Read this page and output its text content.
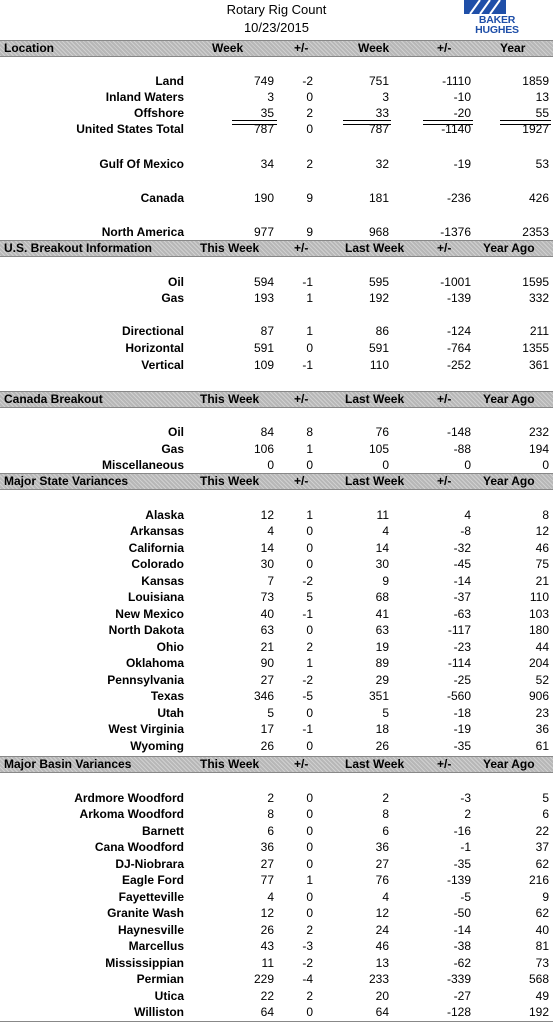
Rotary Rig Count
10/23/2015	BAKER
HUGHES
Location	Week	+/-	Week	+/-	Year
Land	749 -2	751	-1110	1859
Inland Waters	3	0	3	-10	13
Offshore	35	2	33	-20	55
United States Total	787	0	787	-1140	1927
Gulf Of Mexico	34	2	32	-19	53
Canada	190	9	181	-236	426
North America	977	9	968	-1376	2353
U.S. Breakout Information	This Week	+/-	Last Week	+/-	Year Ago
Oil	594 -1	595	-1001	1595
Gas	193	1	192	-139	332
Directional	87	1	86	-124	211
Horizontal	591	0	591	-764	1355
Vertical	109 -1	110	-252	361
Canada Breakout	This Week	+/-	Last Week	+/-	Year Ago
Oil	84	8	76	-148	232
Gas	106	1	105	-88	194
Miscellaneous	0	0	0	0	0
Major State Variances	This Week	+/-	Last Week	+/-	Year Ago
Alaska	12	1	11	4	8
Arkansas	4	0	4	-8	12
California	14	0	14	-32	46
Colorado	30	0	30	-45	75
Kansas	7 -2	9	-14	21
Louisiana	73	5	68	-37	110
New Mexico	40 -1	41	-63	103
North Dakota	63	0	63	-117	180
Ohio	21	2	19	-23	44
Oklahoma	90	1	89	-114	204
Pennsylvania	27 -2	29	-25	52
Texas	346 -5	351	-560	906
Utah	5	0	5	-18	23
West Virginia	17 -1	18	-19	36
Wyoming	26	0	26	-35	61
Major Basin Variances	This Week	+/-	Last Week	+/-	Year Ago
Ardmore Woodford	2	0	2	-3	5
Arkoma Woodford	8	0	8	2	6
Barnett	6	0	6	-16	22
Cana Woodford	36	0	36	-1	37
DJ-Niobrara	27	0	27	-35	62
Eagle Ford	77	1	76	-139	216
Fayetteville	4	0	4	-5	9
Granite Wash	12	0	12	-50	62
Haynesville	26	2	24	-14	40
Marcellus	43 -3	46	-38	81
Mississippian	11 -2	13	-62	73
Permian	229 -4	233	-339	568
Utica	22	2	20	-27	49
Williston	64	0	64	-128	192
